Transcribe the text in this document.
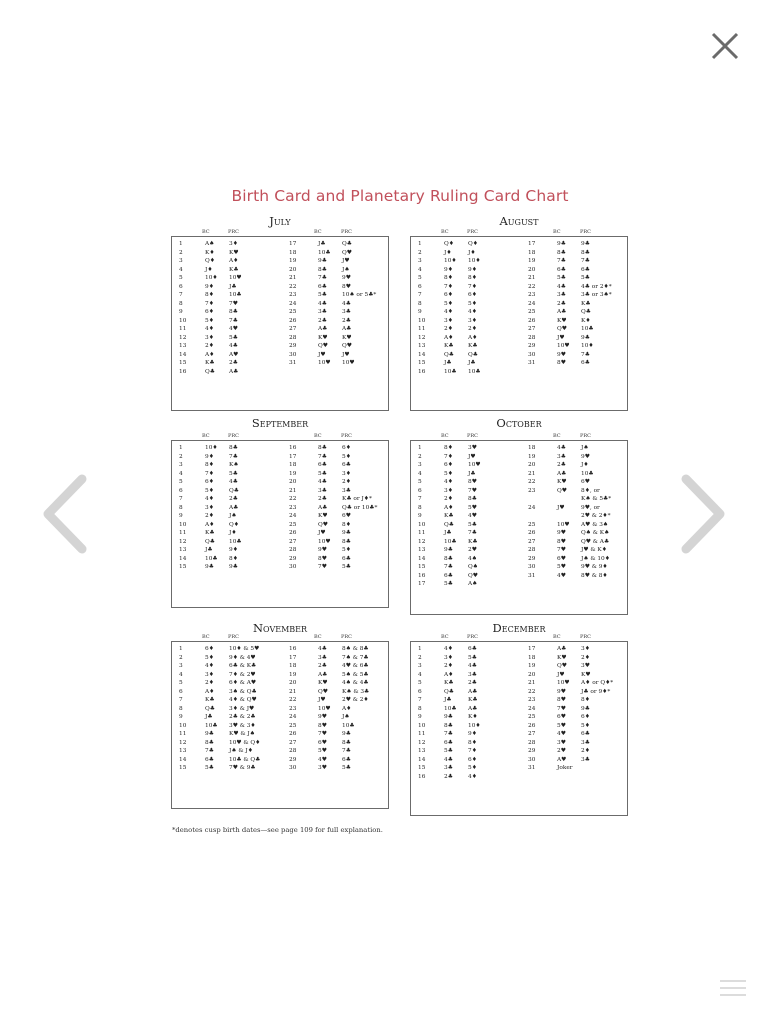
Birth Card and Planetary Ruling Card Chart
July
BC	PRC	BC	PRC
1	A♠	3♦
2	K♦ K♥
3	Q♦ A♦
4	J♦	K♣
5	10♦ 10♥
6	9♦	J♣
7	8♦	10♣
8	7♦	7♥
9	6♦	8♣
10	5♦	7♣
11	4♦	4♥
12	3♦	5♣
13	2♦	4♣
14	A♦	A♥
15	K♣ 2♣
16	Q♣ A♣
17	J♣	Q♣
18	10♣ Q♥
19	9♣	J♥
20	8♣	J♠
21	7♣	9♥
22	6♣	8♥
23	5♣	10♠ or 5♣*
24	4♣	4♣
25	3♣	3♣
26	2♣	2♣
27	A♣	A♣
28	K♥ K♥
29	Q♥ Q♥
30	J♥	J♥
31	10♥ 10♥
August
BC	PRC	BC	PRC
1	Q♦ Q♦
2	J♦	J♦
3	10♦ 10♦
4	9♦	9♦
5	8♦	8♦
6	7♦	7♦
7	6♦	6♦
8	5♦	5♦
9	4♦	4♦
10	3♦	3♦
11	2♦	2♦
12	A♦	A♦
13	K♣ K♣
14	Q♣ Q♣
15	J♣	J♣
16	10♣ 10♣
17	9♣	9♣
18	8♣	8♣
19	7♣	7♣
20	6♣	6♣
21	5♣	5♣
22	4♣	4♣ or 2♦*
23	3♣	3♣ or 3♠*
24	2♣	K♣
25	A♣	Q♣
26	K♥ K♦
27	Q♥ 10♣
28	J♥	9♣
29	10♥ 10♦
30	9♥	7♣
31	8♥	6♣
September
BC	PRC	BC	PRC
1	10♦ 8♣
2	9♦	7♣
3	8♦	K♠
4	7♦	5♣
5	6♦	4♣
6	5♦	Q♣
7	4♦	2♣
8	3♦	A♣
9	2♦	J♠
10	A♦	Q♦
11	K♣ J♦
12	Q♣ 10♣
13	J♣	9♦
14	10♣ 8♦
15	9♣	9♣
16	8♣	6♦
17	7♣	5♦
18	6♣	6♣
19	5♣	3♦
20	4♣	2♦
21	3♣	3♣
22	2♣	K♣ or J♦*
23	A♣	Q♣ or 10♣*
24	K♥ 6♥
25	Q♥ 8♦
26	J♥	9♣
27	10♥ 8♣
28	9♥	5♦
29	8♥	6♣
30	7♥	5♣
October
BC	PRC	BC	PRC
1	8♦	3♥
2	7♦	J♥
3	6♦	10♥
4	5♦	J♣
5	4♦	8♥
6	3♦	7♥
7	2♦	8♣
8	A♦	5♥
9	K♣ 4♥
10	Q♣ 5♣
11	J♣	7♣
12	10♣ K♣
13	9♣	2♥
14	8♣	4♠
15	7♣	Q♠
16	6♣	Q♥
17	5♣	A♠
18	4♣	J♠
19	3♣	9♥
20	2♣	J♦
21	A♣	10♣
22	K♥ 6♥
23	Q♥ 8♦, or
K♠ & 5♣*
24	J♥	9♥, or
2♥ & 2♦*
25	10♥ A♥ & 3♠
26	9♥	Q♠ & K♠
27	8♥	Q♥ & A♣
28	7♥	J♥ & K♦
29	6♥	J♠ & 10♦
30	5♥	9♥ & 9♦
31	4♥	8♥ & 8♦
November
BC	PRC	BC	PRC
1	6♦	10♦ & 5♥
2	5♦	9♦ & 4♥
3	4♦	6♣ & K♣
4	3♦	7♦ & 2♥
5	2♦	6♦ & A♥
6	A♦	3♠ & Q♣
7	K♣ 4♦ & Q♥
8	Q♣ 3♦ & J♥
9	J♣	2♣ & 2♣
10	10♣ 3♥ & 3♦
11	9♣	K♥ & J♠
12	8♣	10♥ & Q♦
13	7♣	J♠ & J♦
14	6♣	10♣ & Q♣
15	5♣	7♥ & 9♣
16	4♣	8♠ & 8♣
17	3♣	7♠ & 7♣
18	2♣	4♥ & 6♣
19	A♣	5♠ & 5♣
20	K♥ 4♠ & 4♣
21	Q♥ K♠ & 3♣
22	J♥	2♥ & 2♦
23	10♥ A♦
24	9♥	J♠
25	8♥	10♣
26	7♥	9♣
27	6♥	8♣
28	5♥	7♣
29	4♥	6♣
30	3♥	5♣
December
BC	PRC	BC	PRC
1	4♦	6♣
2	3♦	5♣
3	2♦	4♣
4	A♦	3♣
5	K♣ 2♣
6	Q♣ A♣
7	J♣	K♣
8	10♣ A♣
9	9♣	K♦
10	8♣	10♦
11	7♣	9♦
12	6♣	8♦
13	5♣	7♦
14	4♣	6♦
15	3♣	5♦
16	2♣	4♦
17	A♣	3♦
18	K♥ 2♦
19	Q♥ 3♥
20	J♥	K♥
21	10♥ A♦ or Q♦*
22	9♥	J♣ or 9♦*
23	8♥	8♦
24	7♥	9♣
25	6♥	6♦
26	5♥	5♦
27	4♥	6♣
28	3♥	3♣
29	2♥	2♦
30	A♥	3♣
31	Joker
*denotes cusp birth dates—see page 109 for full explanation.
